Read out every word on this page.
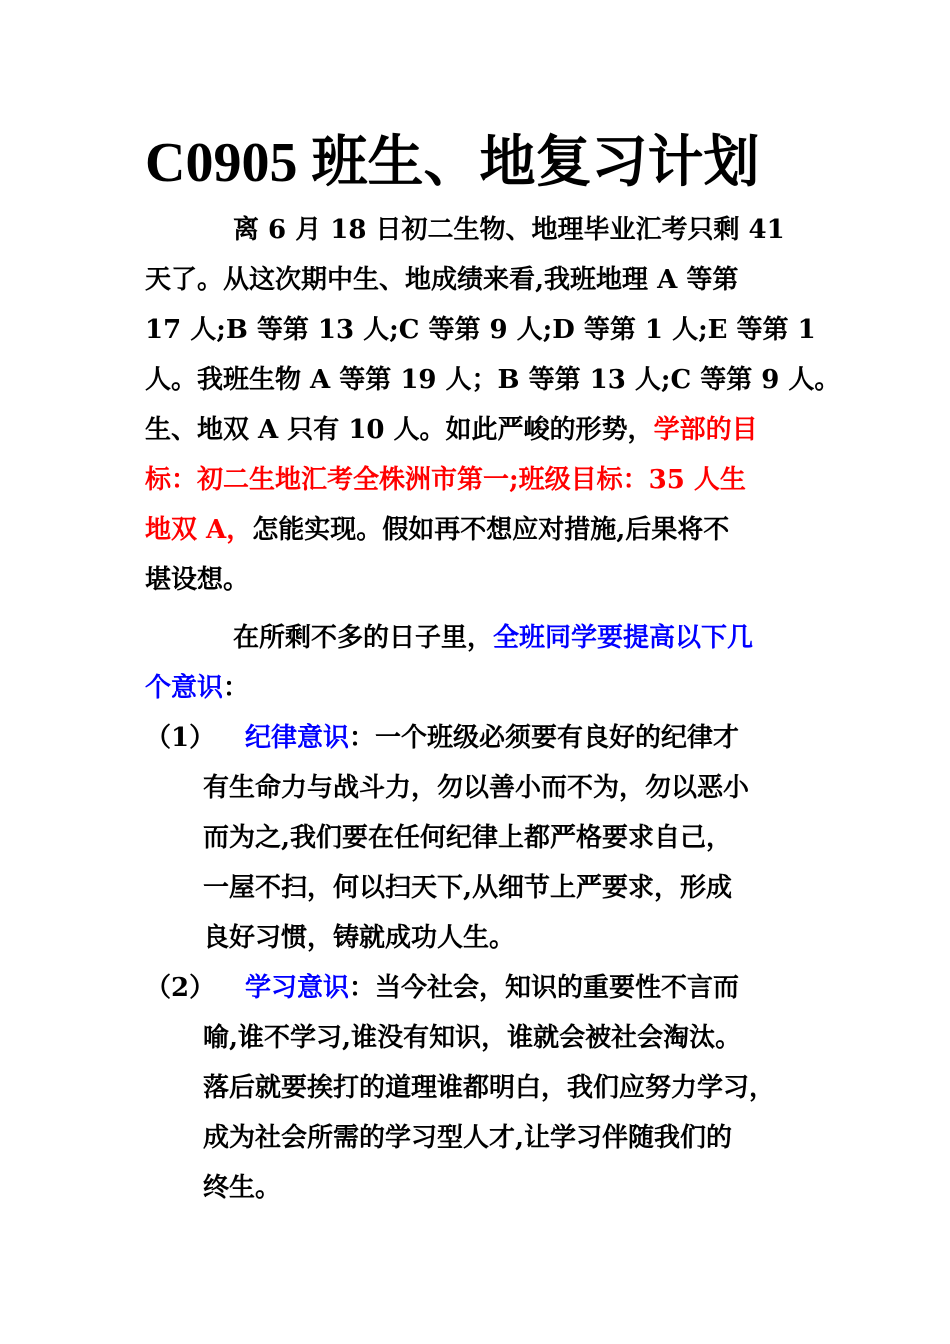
C0905 班生、地复习计划
离 6 月 18 日初二生物、地理毕业汇考只剩 41
天了。从这次期中生、地成绩来看,我班地理 A 等第
17 人;B 等第 13 人;C 等第 9 人;D 等第 1 人;E 等第 1
人。我班生物 A 等第 19 人；B 等第 13 人;C 等第 9 人。
生、地双 A 只有 10 人。如此严峻的形势，学部的目
标：初二生地汇考全株洲市第一;班级目标：35 人生
地双 A，怎能实现。假如再不想应对措施,后果将不
堪设想。
在所剩不多的日子里，全班同学要提高以下几
个意识：
（1） 纪律意识：一个班级必须要有良好的纪律才
有生命力与战斗力，勿以善小而不为，勿以恶小
而为之,我们要在任何纪律上都严格要求自己，
一屋不扫，何以扫天下,从细节上严要求，形成
良好习惯，铸就成功人生。
（2） 学习意识：当今社会，知识的重要性不言而
喻,谁不学习,谁没有知识，谁就会被社会淘汰。
落后就要挨打的道理谁都明白，我们应努力学习，
成为社会所需的学习型人才,让学习伴随我们的
终生。
